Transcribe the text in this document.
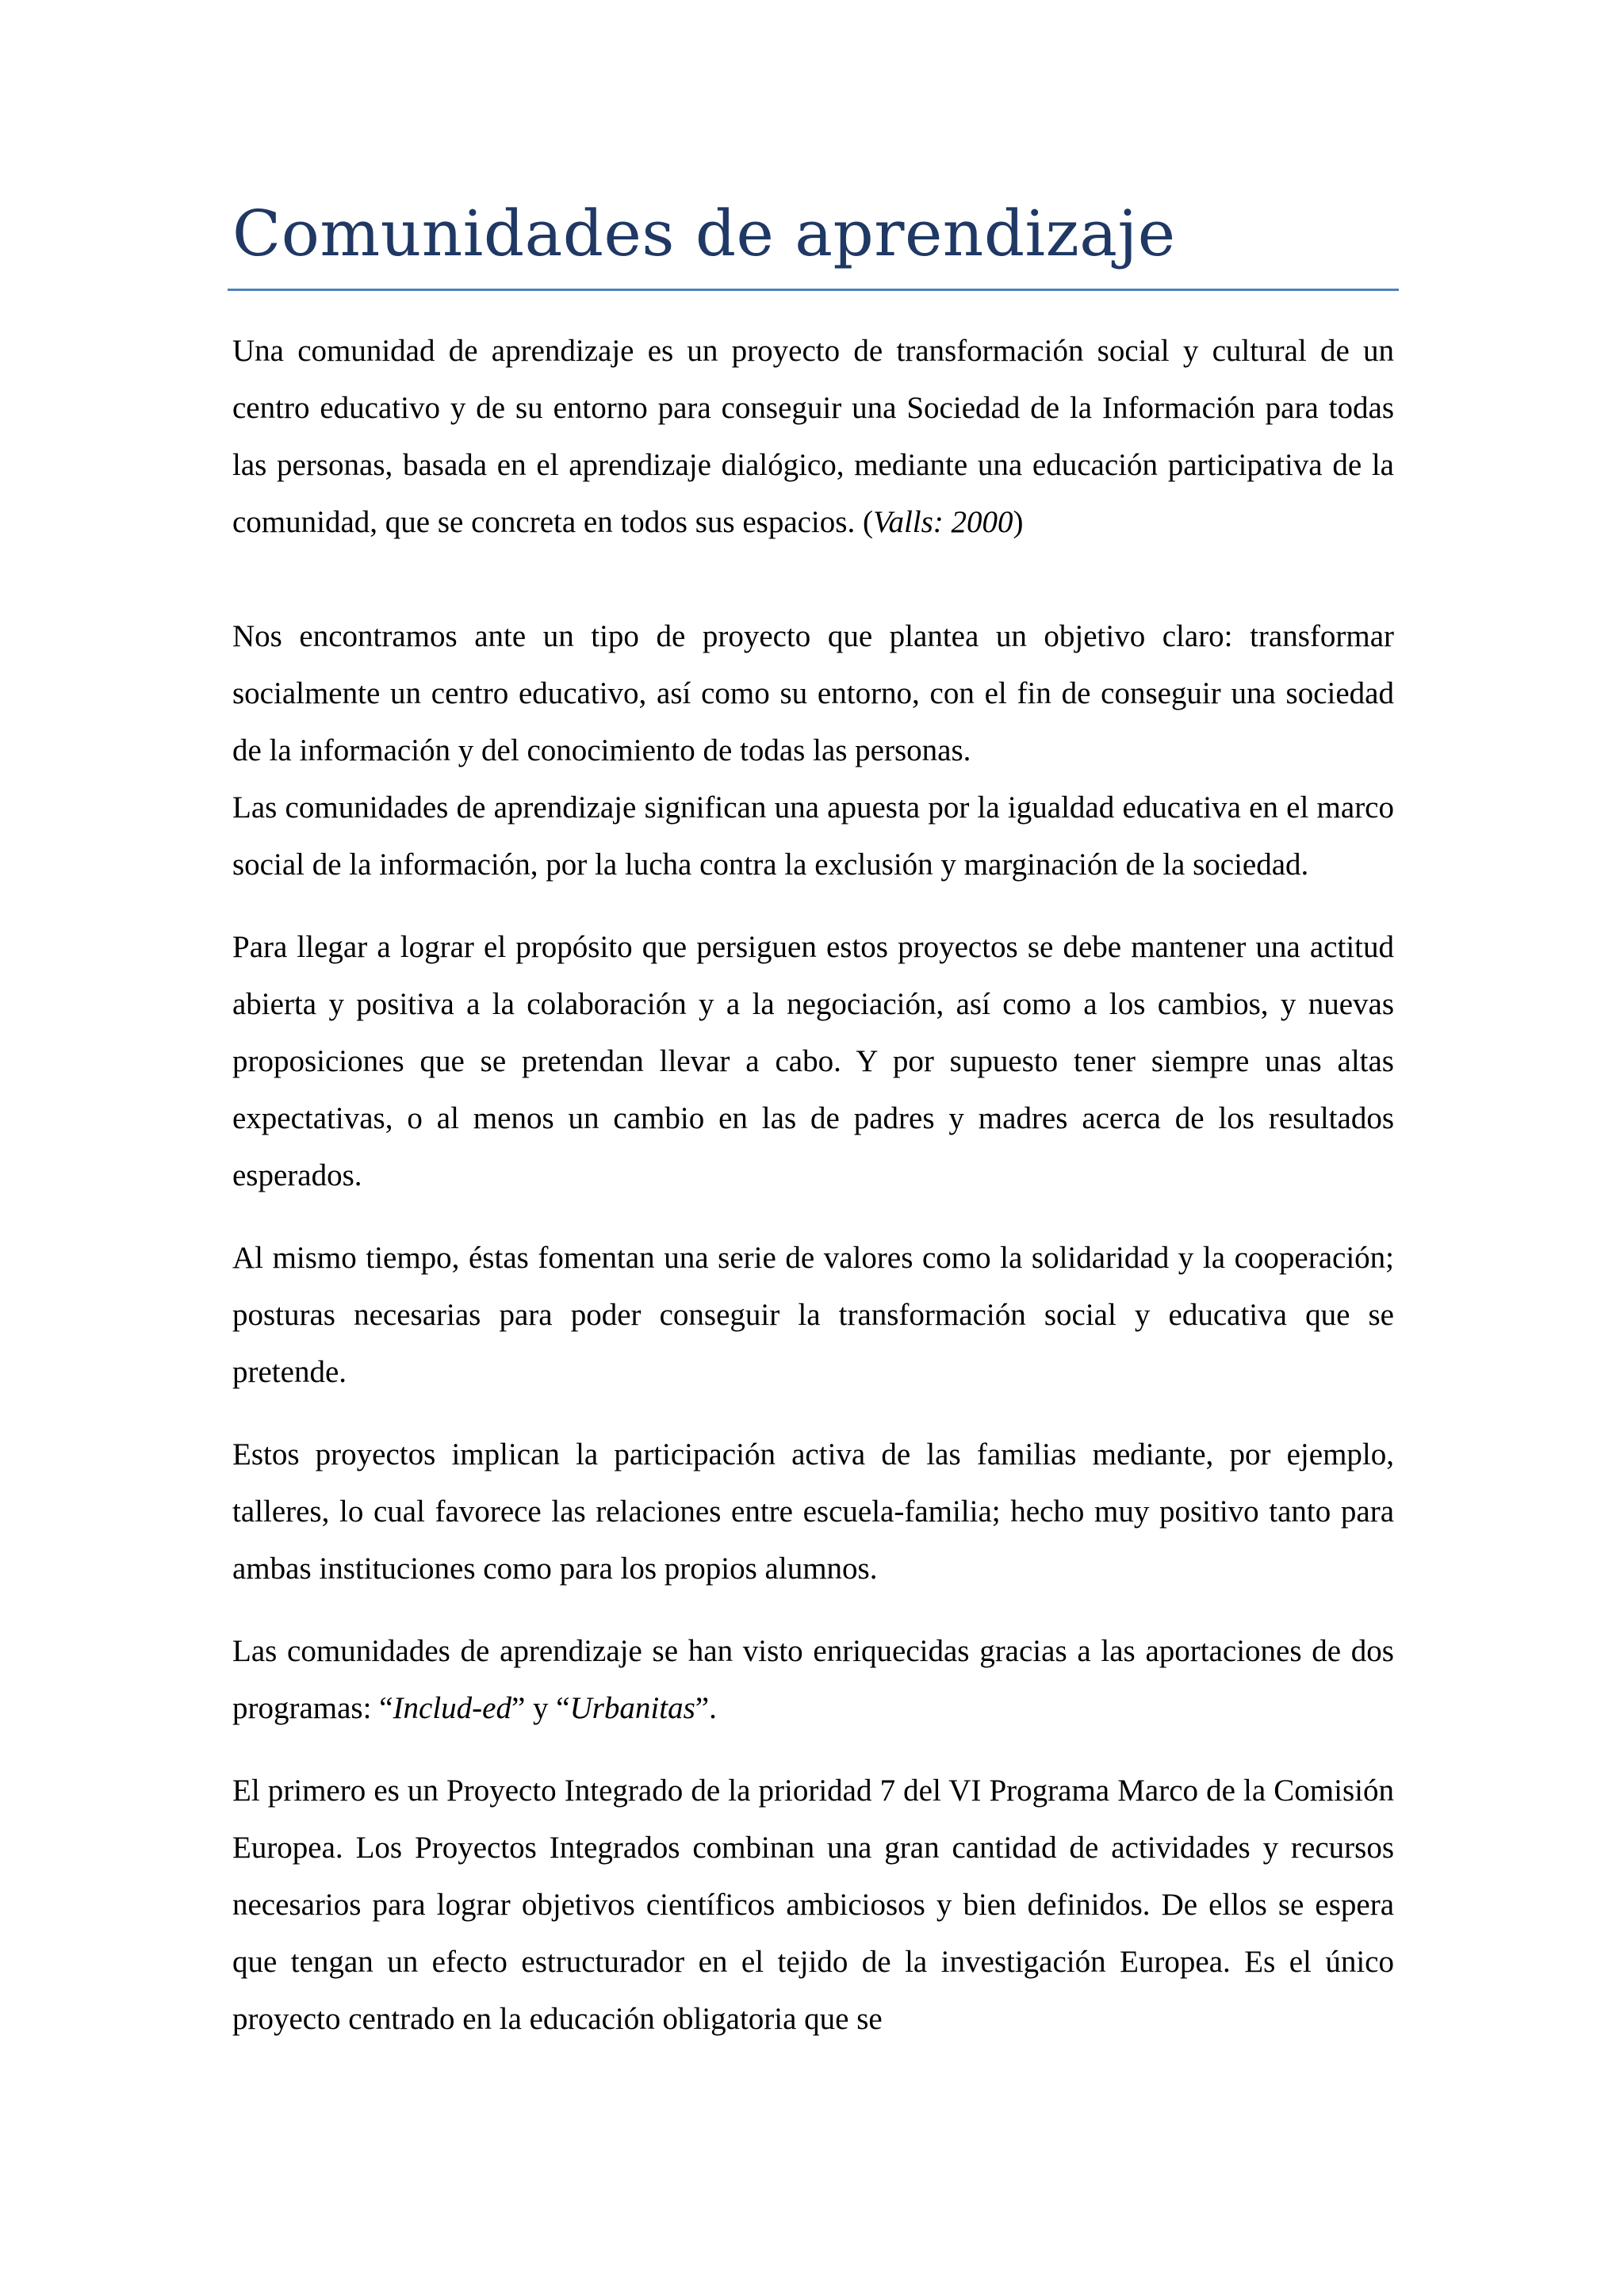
Comunidades de aprendizaje

Una comunidad de aprendizaje es un proyecto de transformación social y cultural de un centro educativo y de su entorno para conseguir una Sociedad de la Información para todas las personas, basada en el aprendizaje dialógico, mediante una educación participativa de la comunidad, que se concreta en todos sus espacios. (Valls: 2000)

Nos encontramos ante un tipo de proyecto que plantea un objetivo claro: transformar socialmente un centro educativo, así como su entorno, con el fin de conseguir una sociedad de la información y del conocimiento de todas las personas.

Las comunidades de aprendizaje significan una apuesta por la igualdad educativa en el marco social de la información, por la lucha contra la exclusión y marginación de la sociedad.

Para llegar a lograr el propósito que persiguen estos proyectos se debe mantener una actitud abierta y positiva a la colaboración y a la negociación, así como a los cambios, y nuevas proposiciones que se pretendan llevar a cabo. Y por supuesto tener siempre unas altas expectativas, o al menos un cambio en las de padres y madres acerca de los resultados esperados.

Al mismo tiempo, éstas fomentan una serie de valores como la solidaridad y la cooperación; posturas necesarias para poder conseguir la transformación social y educativa que se pretende.

Estos proyectos implican la participación activa de las familias mediante, por ejemplo, talleres, lo cual favorece las relaciones entre escuela-familia; hecho muy positivo tanto para ambas instituciones como para los propios alumnos.

Las comunidades de aprendizaje se han visto enriquecidas gracias a las aportaciones de dos programas: “Includ-ed” y “Urbanitas”.

El primero es un Proyecto Integrado de la prioridad 7 del VI Programa Marco de la Comisión Europea. Los Proyectos Integrados combinan una gran cantidad de actividades y recursos necesarios para lograr objetivos científicos ambiciosos y bien definidos. De ellos se espera que tengan un efecto estructurador en el tejido de la investigación Europea. Es el único proyecto centrado en la educación obligatoria que se
